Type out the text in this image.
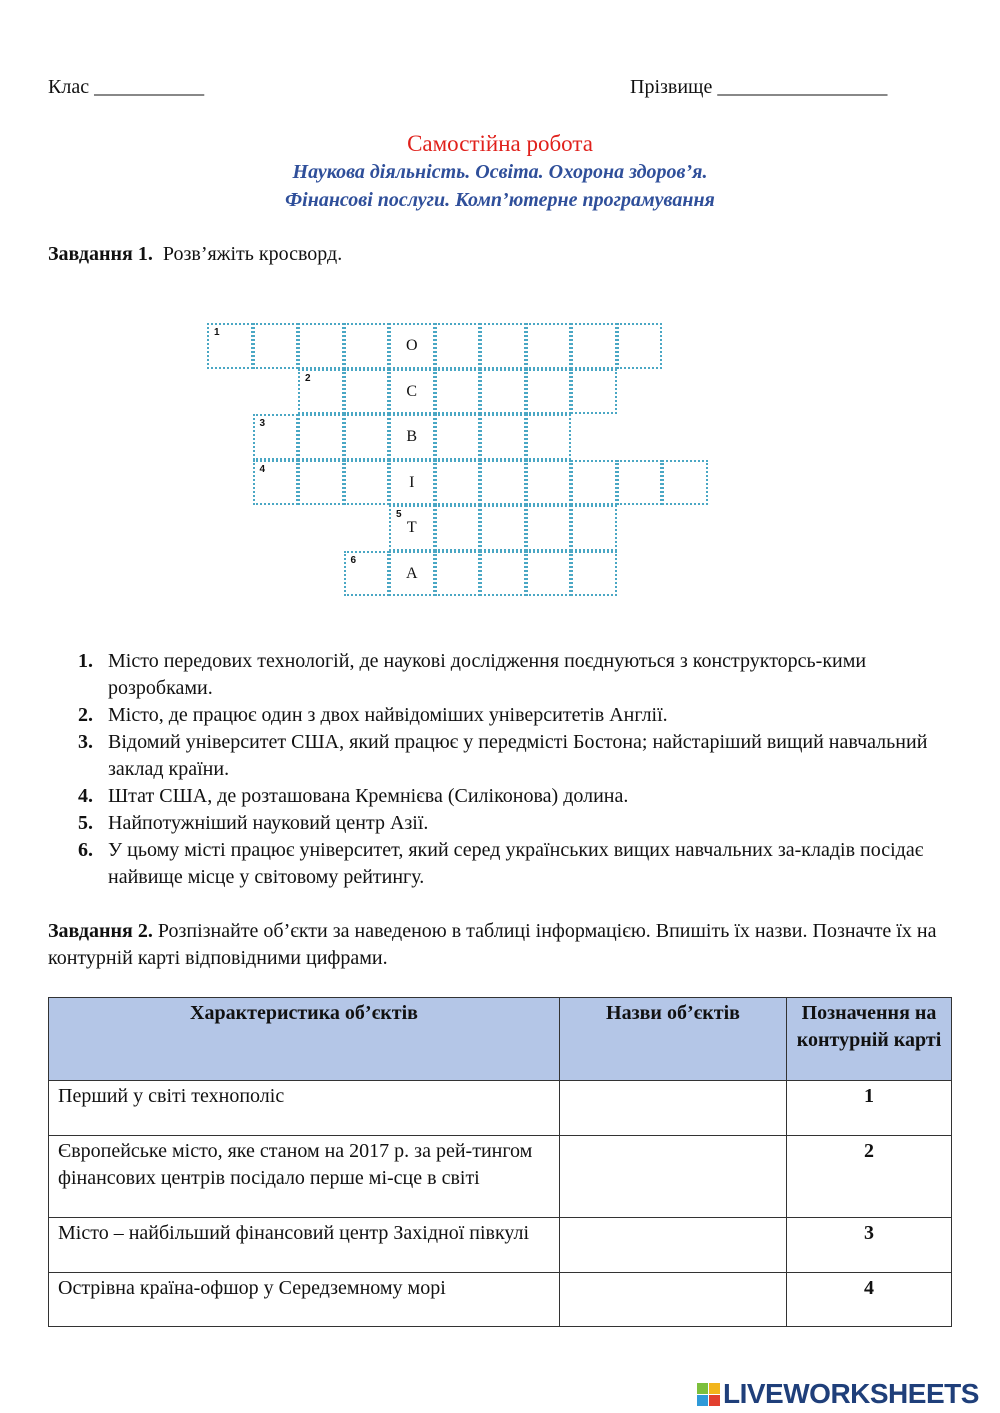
Клас ___________	Прізвище _________________
Самостійна робота
Наукова діяльність. Освіта. Охорона здоров’я.
Фінансові послуги. Комп’ютерне програмування
Завдання 1. Розв’яжіть кросворд.
1
О
2
С
3
В
4
І
5
Т
6
А
1. Місто передових технологій, де наукові дослідження поєднуються з конструкторсь-кими розробками.
2. Місто, де працює один з двох найвідоміших університетів Англії.
3. Відомий університет США, який працює у передмісті Бостона; найстаріший вищий навчальний заклад країни.
4. Штат США, де розташована Кремнієва (Силіконова) долина.
5. Найпотужніший науковий центр Азії.
6. У цьому місті працює університет, який серед українських вищих навчальних за-кладів посідає найвище місце у світовому рейтингу.
Завдання 2. Розпізнайте об’єкти за наведеною в таблиці інформацією. Впишіть їх назви. Позначте їх на контурній карті відповідними цифрами.
Характеристика об’єктів	Назви об’єктів	Позначення на контурній карті
Перший у світі технополіс		1
Європейське місто, яке станом на 2017 р. за рей-тингом фінансових центрів посідало перше мі-сце в світі		2
Місто – найбільший фінансовий центр Західної півкулі		3
Острівна країна-офшор у Середземному морі		4
LIVEWORKSHEETS
